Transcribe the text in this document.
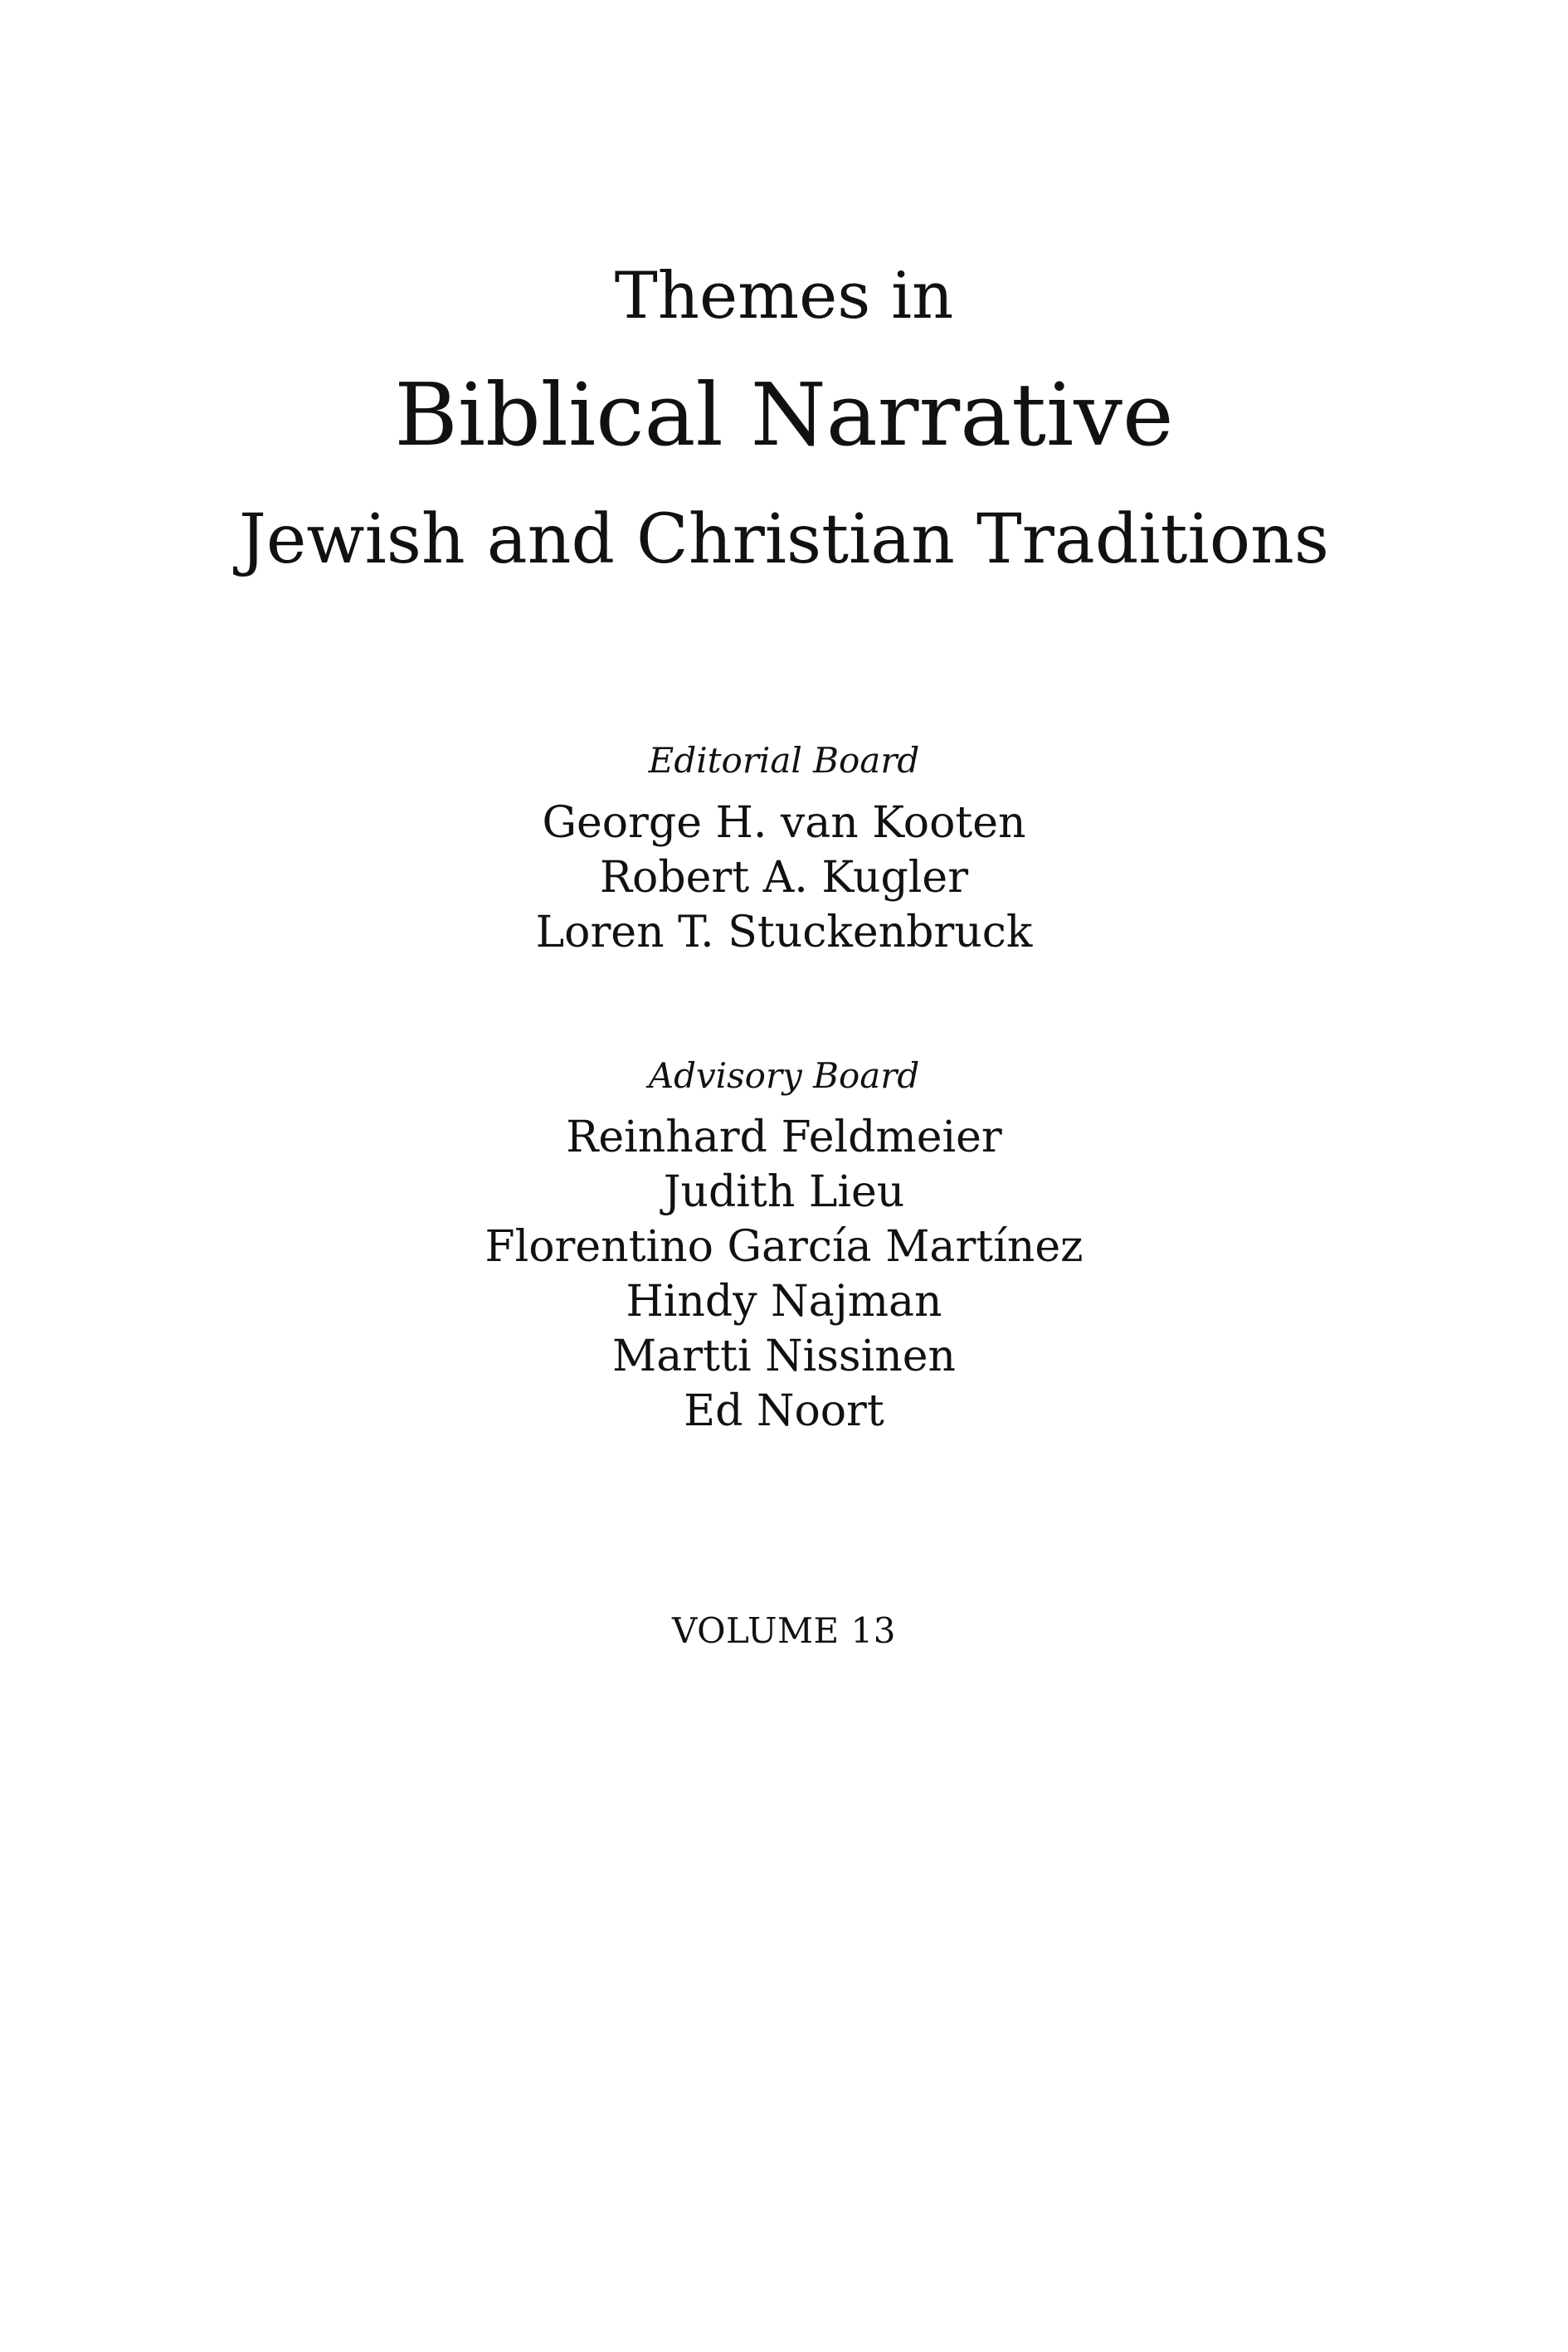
Themes in
Biblical Narrative
Jewish and Christian Traditions
Editorial Board
George H. van Kooten
Robert A. Kugler
Loren T. Stuckenbruck
Advisory Board
Reinhard Feldmeier
Judith Lieu
Florentino García Martínez
Hindy Najman
Martti Nissinen
Ed Noort
VOLUME 13
